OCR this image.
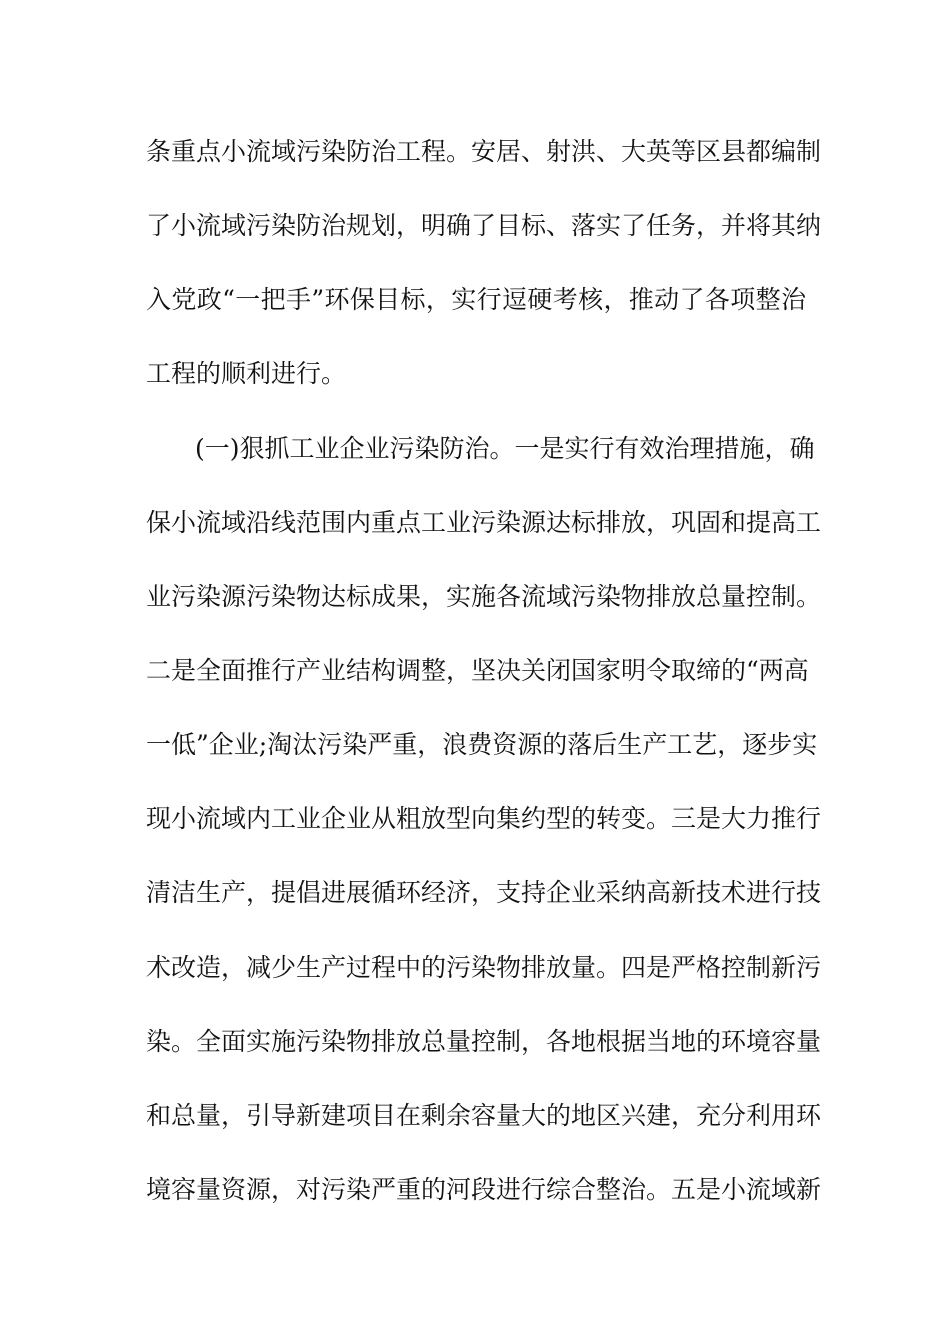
条重点小流域污染防治工程。安居、射洪、大英等区县都编制
了小流域污染防治规划，明确了目标、落实了任务，并将其纳
入党政“一把手”环保目标，实行逗硬考核，推动了各项整治
工程的顺利进行。
(一)狠抓工业企业污染防治。一是实行有效治理措施，确
保小流域沿线范围内重点工业污染源达标排放，巩固和提高工
业污染源污染物达标成果，实施各流域污染物排放总量控制。
二是全面推行产业结构调整，坚决关闭国家明令取缔的“两高
一低”企业;淘汰污染严重，浪费资源的落后生产工艺，逐步实
现小流域内工业企业从粗放型向集约型的转变。三是大力推行
清洁生产，提倡进展循环经济，支持企业采纳高新技术进行技
术改造，减少生产过程中的污染物排放量。四是严格控制新污
染。全面实施污染物排放总量控制，各地根据当地的环境容量
和总量，引导新建项目在剩余容量大的地区兴建，充分利用环
境容量资源，对污染严重的河段进行综合整治。五是小流域新
